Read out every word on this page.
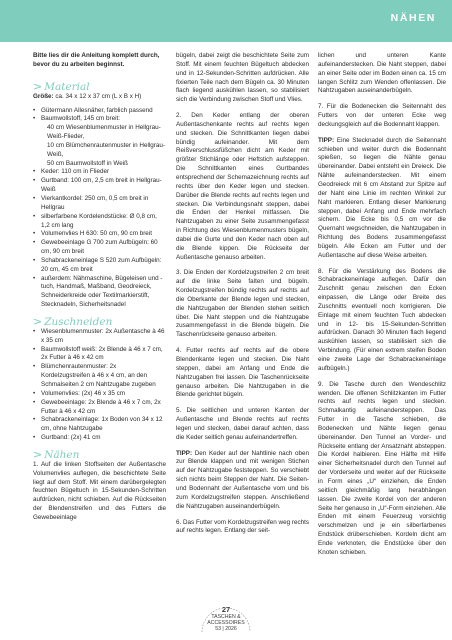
NÄHEN

Bitte lies dir die Anleitung komplett durch, bevor du zu arbeiten beginnst.

> Material

Größe: ca. 34 x 12 x 37 cm (L x B x H)

• Gütermann Allesnäher, farblich passend
• Baumwollstoff, 145 cm breit:
40 cm Wiesenblumenmuster in Hellgrau-Weiß-Flieder,
10 cm Blümchenrautenmuster in Hellgrau-Weiß,
50 cm Baumwollstoff in Weiß
• Keder: 110 cm in Flieder
• Gurtband: 100 cm, 2,5 cm breit in Hellgrau-Weiß
• Vierkantkordel: 250 cm, 0,5 cm breit in Hellgrau
• silberfarbene Kordelendstücke: Ø 0,8 cm, 1,2 cm lang
• Volumenvlies H 630: 50 cm, 90 cm breit
• Gewebeeinlage G 700 zum Aufbügeln: 60 cm, 90 cm breit
• Schabrackeneinlage S 520 zum Aufbügeln: 20 cm, 45 cm breit
• außerdem: Nähmaschine, Bügeleisen und -tuch, Handmaß, Maßband, Geodreieck, Schneiderkreide oder Textilmarkierstift, Stecknadeln, Sicherheitsnadel
> Zuschneiden
• Wiesenblumenmuster: 2x Außentasche à 46 x 35 cm
• Baumwollstoff weiß: 2x Blende à 46 x 7 cm, 2x Futter à 46 x 42 cm
• Blümchenrautenmuster: 2x Kordelzugstreifen à 46 x 4 cm, an den Schmalseiten 2 cm Nahtzugabe zugeben
• Volumenvlies: (2x) 46 x 35 cm
• Gewebeeinlage: 2x Blende à 46 x 7 cm, 2x Futter à 46 x 42 cm
• Schabrackeneinlage: 1x Boden von 34 x 12 cm, ohne Nahtzugabe
• Gurtband: (2x) 41 cm
> Nähen

1. Auf die linken Stoffseiten der Außentasche Volumenvlies auflegen, die beschichtete Seite liegt auf dem Stoff. Mit einem darübergelegten feuchten Bügeltuch in 15-Sekunden-Schritten aufdrücken, nicht schieben. Auf die Rückseiten der Blendenstreifen und des Futters die Gewebeeinlage

bügeln, dabei zeigt die beschichtete Seite zum Stoff. Mit einem feuchten Bügeltuch abdecken und in 12-Sekunden-Schritten aufdrücken. Alle fixierten Teile nach dem Bügeln ca. 30 Minuten flach liegend auskühlen lassen, so stabilisiert sich die Verbindung zwischen Stoff und Vlies.

2. Den Keder entlang der oberen Außentaschenkante rechts auf rechts legen und stecken. Die Schnittkanten liegen dabei bündig aufeinander. Mit dem Reißverschlussfüßchen dicht am Keder mit größter Stichlänge oder Heftstich aufsteppen. Die Schnittkanten eines Gurtbandes entsprechend der Schemazeichnung rechts auf rechts über den Keder legen und stecken. Darüber die Blende rechts auf rechts legen und stecken. Die Verbindungsnaht steppen, dabei die Enden der Henkel mitfassen. Die Nahtzugaben zu einer Seite zusammengefasst in Richtung des Wiesenblumenmusters bügeln, dabei die Gurte und den Keder nach oben auf die Blende kippen. Die Rückseite der Außentasche genauso arbeiten.

3. Die Enden der Kordelzugstreifen 2 cm breit auf die linke Seite falten und bügeln. Kordelzugstreifen bündig rechts auf rechts auf die Oberkante der Blende legen und stecken, die Nahtzugaben der Blenden stehen seitlich über. Die Naht steppen und die Nahtzugabe zusammengefasst in die Blende bügeln. Die Taschenrückseite genauso arbeiten.

4. Futter rechts auf rechts auf die obere Blendenkante legen und stecken. Die Naht steppen, dabei am Anfang und Ende die Nahtzugaben frei lassen. Die Taschenrückseite genauso arbeiten. Die Nahtzugaben in die Blende gerichtet bügeln.

5. Die seitlichen und unteren Kanten der Außentasche und Blende rechts auf rechts legen und stecken, dabei darauf achten, dass die Keder seitlich genau aufeinandertreffen.

TIPP: Den Keder auf der Nahtlinie nach oben zur Blende klappen und mit wenigen Stichen auf der Nahtzugabe feststeppen. So verschiebt sich nichts beim Steppen der Naht. Die Seiten- und Bodennaht der Außentasche vom und bis zum Kordelzugstreifen steppen. Anschließend die Nahtzugaben auseinanderbügeln.

6. Das Futter vom Kordelzugstreifen weg rechts auf rechts legen. Entlang der seit-

lichen und unteren Kante aufeinanderstecken. Die Naht steppen, dabei an einer Seite oder im Boden einen ca. 15 cm langen Schlitz zum Wenden offenlassen. Die Nahtzugaben auseinanderbügeln.

7. Für die Bodenecken die Seitennaht des Futters von der unteren Ecke weg deckungsgleich auf die Bodennaht klappen.

TIPP: Eine Stecknadel durch die Seitennaht schieben und weiter durch die Bodennaht spießen, so liegen die Nähte genau übereinander. Dabei entsteht ein Dreieck. Die Nähte aufeinanderstecken. Mit einem Geodreieck mit 6 cm Abstand zur Spitze auf der Naht eine Linie im rechten Winkel zur Naht markieren. Entlang dieser Markierung steppen, dabei Anfang und Ende mehrfach sichern. Die Ecke bis 0,5 cm vor die Quernaht wegschneiden, die Nahtzugaben in Richtung des Bodens zusammengefasst bügeln. Alle Ecken am Futter und der Außentasche auf diese Weise arbeiten.

8. Für die Verstärkung des Bodens die Schabrackeneinlage auflegen. Dafür den Zuschnitt genau zwischen den Ecken einpassen, die Länge oder Breite des Zuschnitts eventuell noch korrigieren. Die Einlage mit einem feuchten Tuch abdecken und in 12- bis 15-Sekunden-Schritten aufdrücken. Danach 30 Minuten flach liegend auskühlen lassen, so stabilisiert sich die Verbindung. (Für einen extrem steifen Boden eine zweite Lage der Schabrackeneinlage aufbügeln.)

9. Die Tasche durch den Wendeschlitz wenden. Die offenen Schlitzkanten im Futter rechts auf rechts legen und stecken. Schmalkantig aufeinandersteppen. Das Futter in die Tasche schieben, die Bodenecken und Nähte liegen genau übereinander. Den Tunnel an Vorder- und Rückseite entlang der Ansatznaht absteppen. Die Kordel halbieren. Eine Hälfte mit Hilfe einer Sicherheitsnadel durch den Tunnel auf der Vorderseite und weiter auf der Rückseite in Form eines „U“ einziehen, die Enden seitlich gleichmäßig lang herabhängen lassen. Die zweite Kordel von der anderen Seite her genauso in „U“-Form einziehen. Alle Enden mit einem Feuerzeug vorsichtig verschmelzen und je ein silberfarbenes Endstück drüberschieben. Kordeln dicht am Ende verknoten, die Endstücke über den Knoten schieben.

27
TASCHEN &
ACCESSOIRES
53 | 2026
